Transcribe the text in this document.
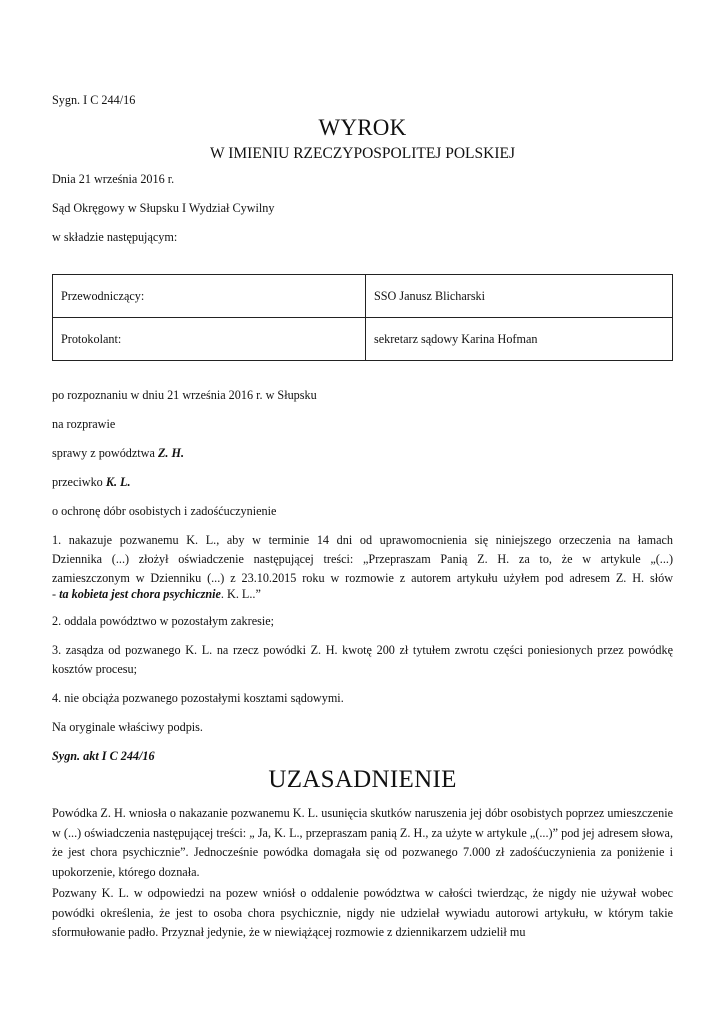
Sygn. I C 244/16
WYROK
W IMIENIU RZECZYPOSPOLITEJ POLSKIEJ
Dnia 21 września 2016 r.
Sąd Okręgowy w Słupsku I Wydział Cywilny
w składzie następującym:
Przewodniczący:	SSO Janusz Blicharski
Protokolant:	sekretarz sądowy Karina Hofman
po rozpoznaniu w dniu 21 września 2016 r. w Słupsku
na rozprawie
sprawy z powództwa Z. H.
przeciwko K. L.
o ochronę dóbr osobistych i zadośćuczynienie
1. nakazuje pozwanemu K. L., aby w terminie 14 dni od uprawomocnienia się niniejszego orzeczenia na łamach
Dziennika (...) złożył oświadczenie następującej treści: „Przepraszam Panią Z. H. za to, że w artykule „(...)
zamieszczonym w Dzienniku (...) z 23.10.2015 roku w rozmowie z autorem artykułu użyłem pod adresem Z. H. słów
- ta kobieta jest chora psychicznie. K. L..”
2. oddala powództwo w pozostałym zakresie;
3. zasądza od pozwanego K. L. na rzecz powódki Z. H. kwotę 200 zł tytułem zwrotu części poniesionych przez powódkę
kosztów procesu;
4. nie obciąża pozwanego pozostałymi kosztami sądowymi.
Na oryginale właściwy podpis.
Sygn. akt I C 244/16
UZASADNIENIE
Powódka Z. H. wniosła o nakazanie pozwanemu K. L. usunięcia skutków naruszenia jej dóbr osobistych poprzez umieszczenie w (...) oświadczenia następującej treści: „ Ja, K. L., przepraszam panią Z. H., za użyte w artykule „(...)” pod jej adresem słowa, że jest chora psychicznie”. Jednocześnie powódka domagała się od pozwanego 7.000 zł zadośćuczynienia za poniżenie i upokorzenie, którego doznała.
Pozwany K. L. w odpowiedzi na pozew wniósł o oddalenie powództwa w całości twierdząc, że nigdy nie używał wobec powódki określenia, że jest to osoba chora psychicznie, nigdy nie udzielał wywiadu autorowi artykułu, w którym takie sformułowanie padło. Przyznał jedynie, że w niewiążącej rozmowie z dziennikarzem udzielił mu
